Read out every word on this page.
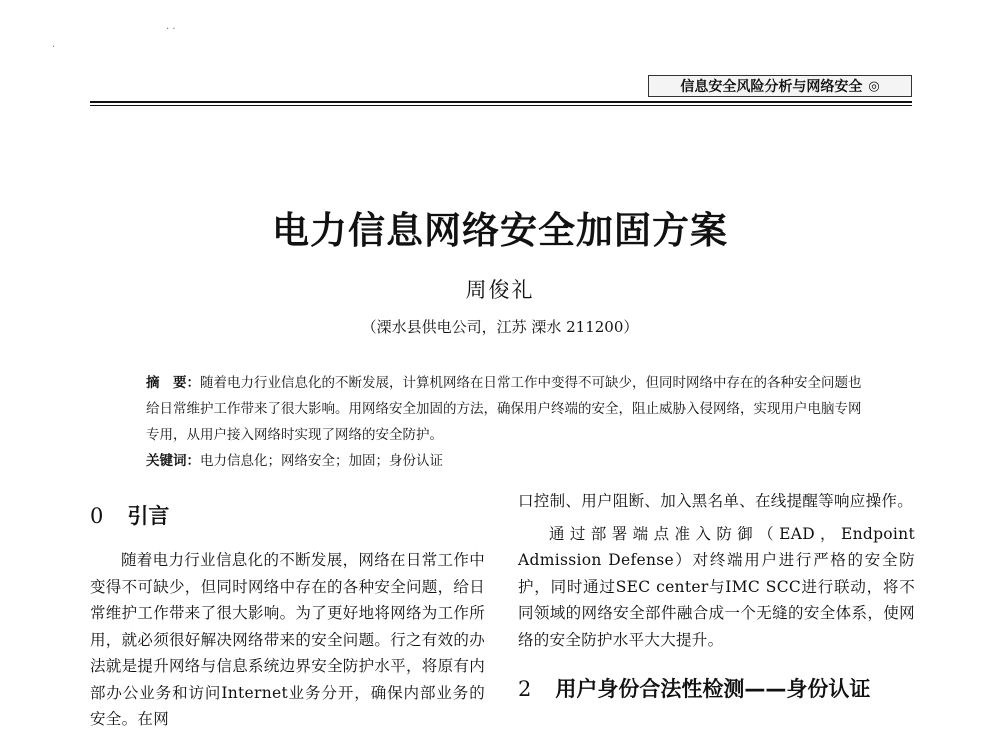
·
· ·
信息安全风险分析与网络安全 ◎
电力信息网络安全加固方案
周俊礼
（溧水县供电公司，江苏 溧水 211200）
摘　要：随着电力行业信息化的不断发展，计算机网络在日常工作中变得不可缺少，但同时网络中存在的各种安全问题也给日常维护工作带来了很大影响。用网络安全加固的方法，确保用户终端的安全，阻止威胁入侵网络，实现用户电脑专网专用，从用户接入网络时实现了网络的安全防护。
关键词：电力信息化；网络安全；加固；身份认证
0 引言

随着电力行业信息化的不断发展，网络在日常工作中变得不可缺少，但同时网络中存在的各种安全问题，给日常维护工作带来了很大影响。为了更好地将网络为工作所用，就必须很好解决网络带来的安全问题。行之有效的办法就是提升网络与信息系统边界安全防护水平，将原有内部办公业务和访问Internet业务分开，确保内部业务的安全。在网

口控制、用户阻断、加入黑名单、在线提醒等响应操作。

通过部署端点准入防御（EAD，Endpoint Admission Defense）对终端用户进行严格的安全防护，同时通过SEC center与IMC SCC进行联动，将不同领域的网络安全部件融合成一个无缝的安全体系，使网络的安全防护水平大大提升。

2 用户身份合法性检测——身份认证
